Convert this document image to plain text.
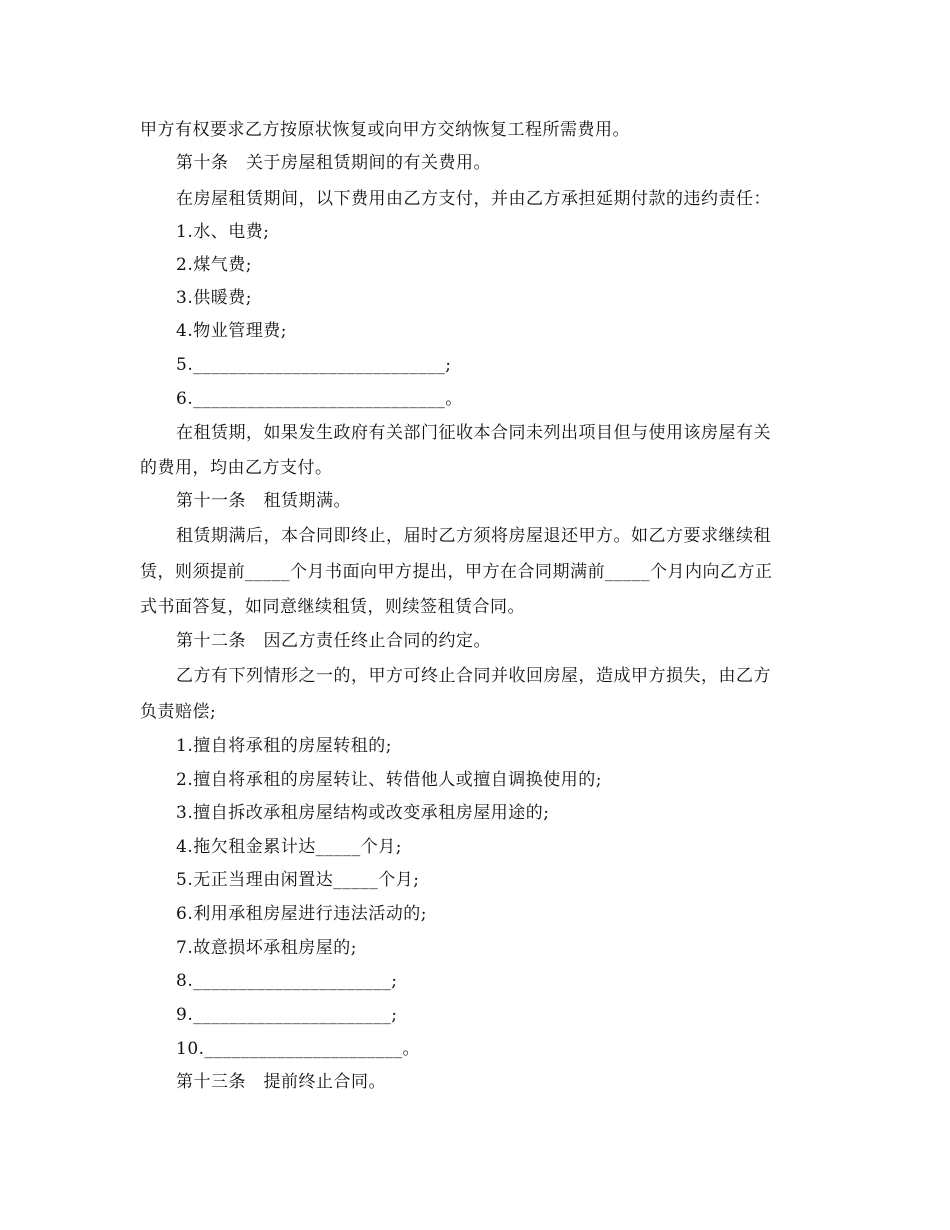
甲方有权要求乙方按原状恢复或向甲方交纳恢复工程所需费用。
第十条　关于房屋租赁期间的有关费用。
在房屋租赁期间，以下费用由乙方支付，并由乙方承担延期付款的违约责任：
1.水、电费;
2.煤气费;
3.供暖费;
4.物业管理费;
5.____________________________;
6.____________________________。
在租赁期，如果发生政府有关部门征收本合同未列出项目但与使用该房屋有关
的费用，均由乙方支付。
第十一条　租赁期满。
租赁期满后，本合同即终止，届时乙方须将房屋退还甲方。如乙方要求继续租
赁，则须提前_____个月书面向甲方提出，甲方在合同期满前_____个月内向乙方正
式书面答复，如同意继续租赁，则续签租赁合同。
第十二条　因乙方责任终止合同的约定。
乙方有下列情形之一的，甲方可终止合同并收回房屋，造成甲方损失，由乙方
负责赔偿;
1.擅自将承租的房屋转租的;
2.擅自将承租的房屋转让、转借他人或擅自调换使用的;
3.擅自拆改承租房屋结构或改变承租房屋用途的;
4.拖欠租金累计达_____个月;
5.无正当理由闲置达_____个月;
6.利用承租房屋进行违法活动的;
7.故意损坏承租房屋的;
8.______________________;
9.______________________;
10.______________________。
第十三条　提前终止合同。
